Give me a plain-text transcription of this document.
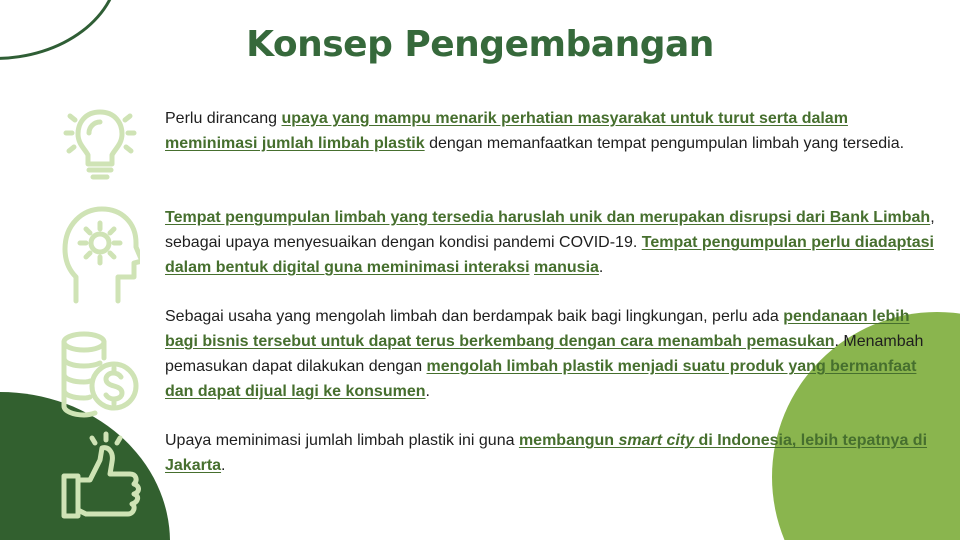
Konsep Pengembangan

Perlu dirancang upaya yang mampu menarik perhatian masyarakat untuk turut serta dalam meminimasi jumlah limbah plastik dengan memanfaatkan tempat pengumpulan limbah yang tersedia.

Tempat pengumpulan limbah yang tersedia haruslah unik dan merupakan disrupsi dari Bank Limbah, sebagai upaya menyesuaikan dengan kondisi pandemi COVID-19. Tempat pengumpulan perlu diadaptasi dalam bentuk digital guna meminimasi interaksi manusia.

Sebagai usaha yang mengolah limbah dan berdampak baik bagi lingkungan, perlu ada pendanaan lebih bagi bisnis tersebut untuk dapat terus berkembang dengan cara menambah pemasukan. Menambah pemasukan dapat dilakukan dengan mengolah limbah plastik menjadi suatu produk yang bermanfaat dan dapat dijual lagi ke konsumen.

Upaya meminimasi jumlah limbah plastik ini guna membangun smart city di Indonesia, lebih tepatnya di Jakarta.
